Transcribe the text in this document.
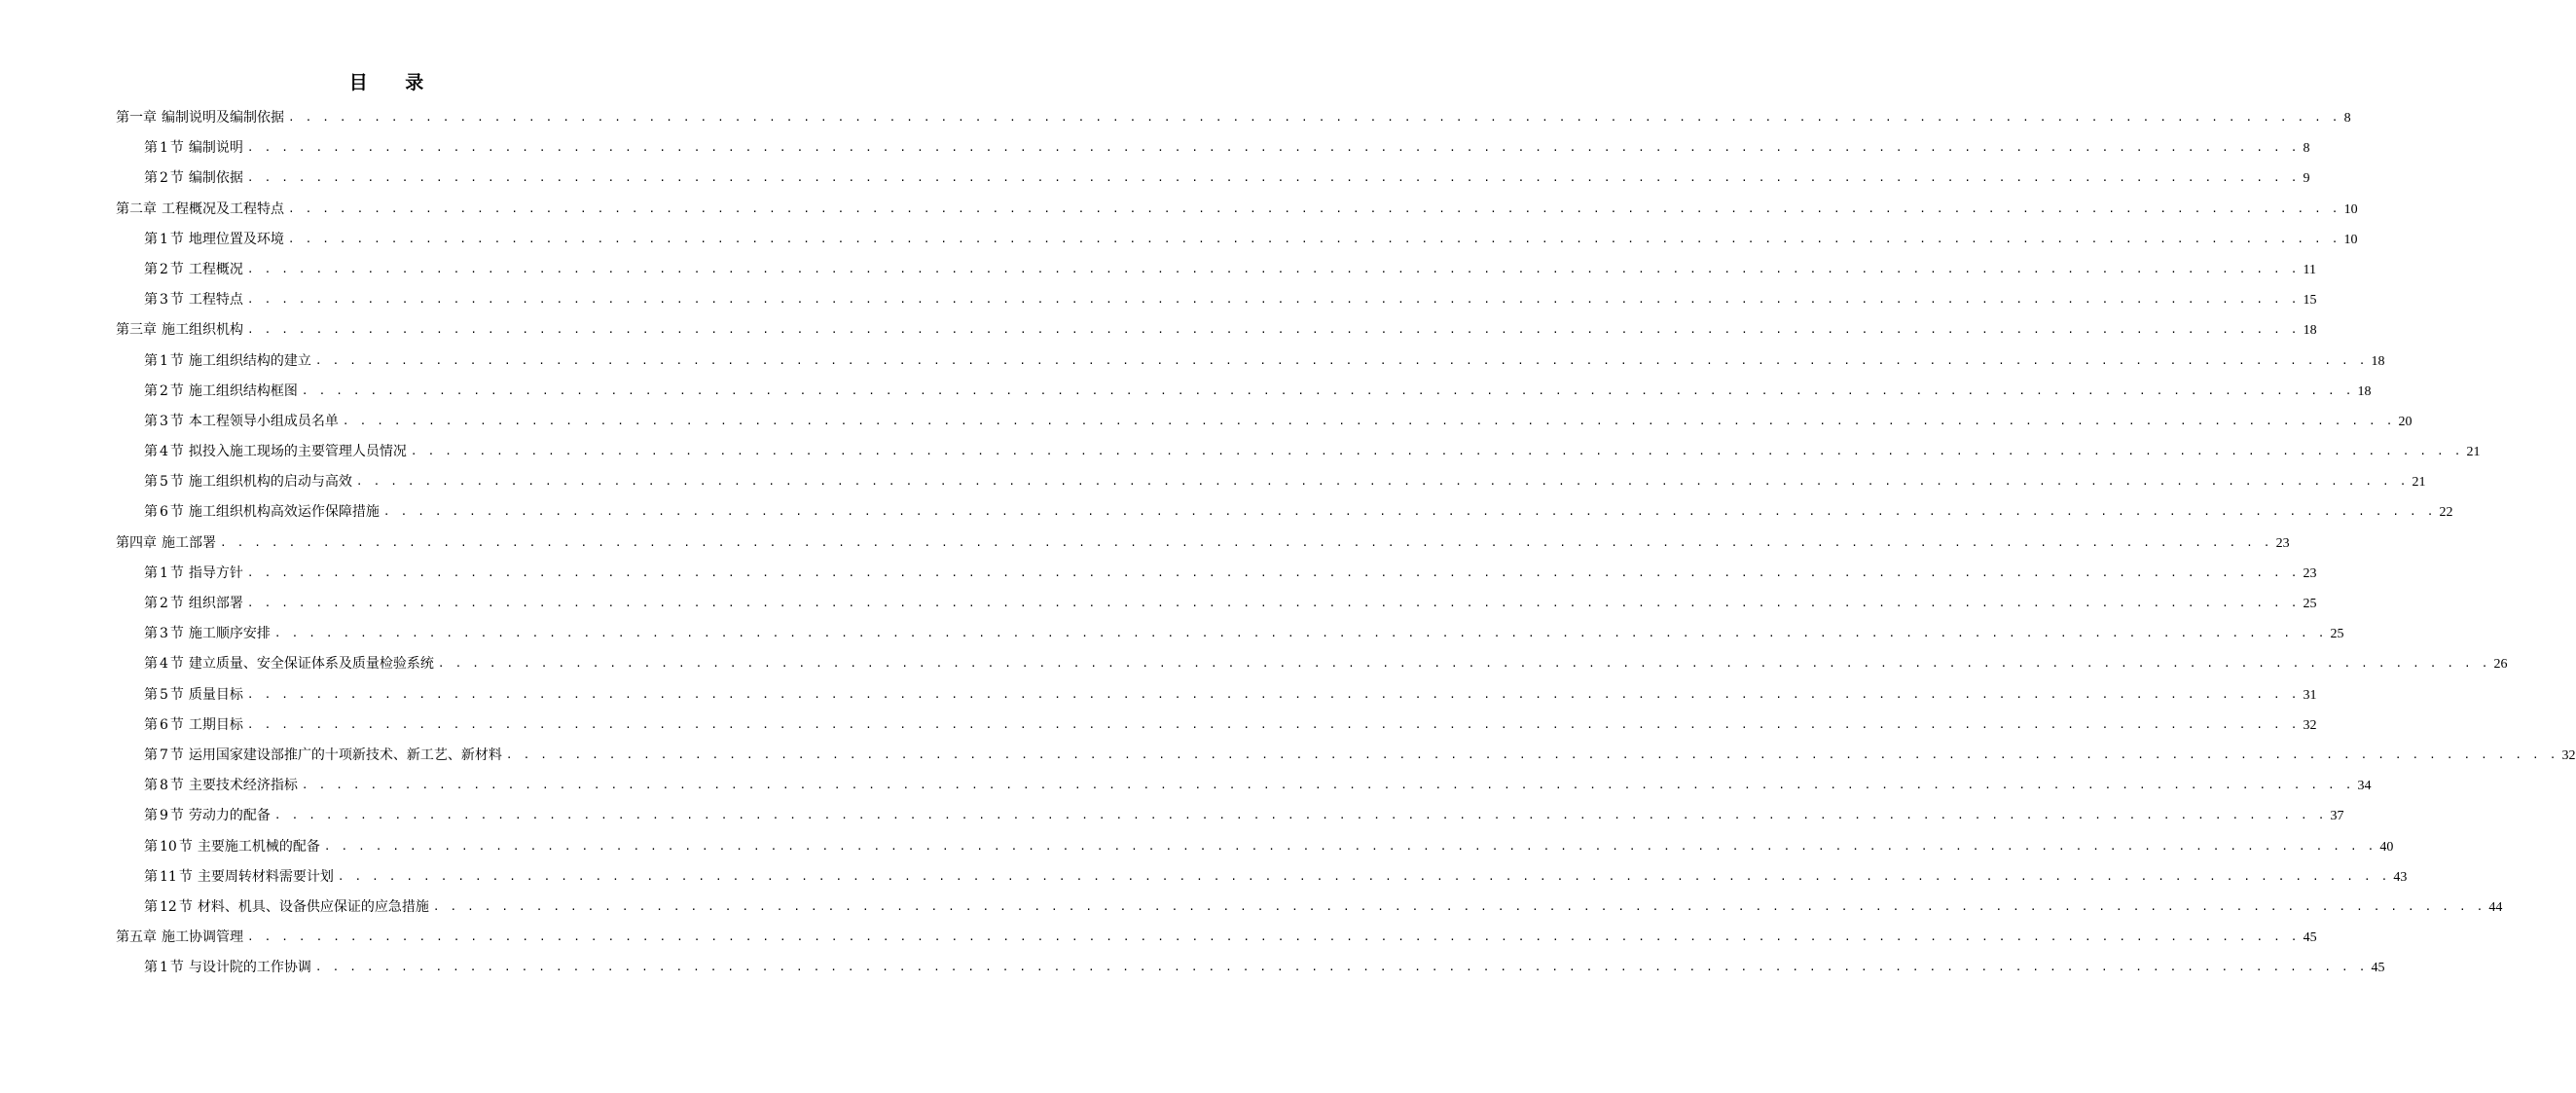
目 录
第一章 编制说明及编制依据 . . . . . . . . . . . . . . . . . . . . . . . . . . . . . . . . . . . . . . . . . . . . . . . . . . . . . . . . . . . . . . . . . . . . . . . . . . . . . . . . . . . . . . . . . . . . . . . . . . . . . . . . . . . . . . . . . . . . . . . . 8
第 1 节 编制说明 . . . . . . . . . . . . . . . . . . . . . . . . . . . . . . . . . . . . . . . . . . . . . . . . . . . . . . . . . . . . . . . . . . . . . . . . . . . . . . . . . . . . . . . . . . . . . . . . . . . . . . . . . . . . . . . . . . . . . . . . 8
第 2 节 编制依据 . . . . . . . . . . . . . . . . . . . . . . . . . . . . . . . . . . . . . . . . . . . . . . . . . . . . . . . . . . . . . . . . . . . . . . . . . . . . . . . . . . . . . . . . . . . . . . . . . . . . . . . . . . . . . . . . . . . . . . . . 9
第二章 工程概况及工程特点 . . . . . . . . . . . . . . . . . . . . . . . . . . . . . . . . . . . . . . . . . . . . . . . . . . . . . . . . . . . . . . . . . . . . . . . . . . . . . . . . . . . . . . . . . . . . . . . . . . . . . . . . . . . . . . . . . . . . . . . . 10
第 1 节 地理位置及环境 . . . . . . . . . . . . . . . . . . . . . . . . . . . . . . . . . . . . . . . . . . . . . . . . . . . . . . . . . . . . . . . . . . . . . . . . . . . . . . . . . . . . . . . . . . . . . . . . . . . . . . . . . . . . . . . . . . . . . . . . 10
第 2 节 工程概况 . . . . . . . . . . . . . . . . . . . . . . . . . . . . . . . . . . . . . . . . . . . . . . . . . . . . . . . . . . . . . . . . . . . . . . . . . . . . . . . . . . . . . . . . . . . . . . . . . . . . . . . . . . . . . . . . . . . . . . . . 11
第 3 节 工程特点 . . . . . . . . . . . . . . . . . . . . . . . . . . . . . . . . . . . . . . . . . . . . . . . . . . . . . . . . . . . . . . . . . . . . . . . . . . . . . . . . . . . . . . . . . . . . . . . . . . . . . . . . . . . . . . . . . . . . . . . . 15
第三章 施工组织机构 . . . . . . . . . . . . . . . . . . . . . . . . . . . . . . . . . . . . . . . . . . . . . . . . . . . . . . . . . . . . . . . . . . . . . . . . . . . . . . . . . . . . . . . . . . . . . . . . . . . . . . . . . . . . . . . . . . . . . . . . 18
第 1 节 施工组织结构的建立 . . . . . . . . . . . . . . . . . . . . . . . . . . . . . . . . . . . . . . . . . . . . . . . . . . . . . . . . . . . . . . . . . . . . . . . . . . . . . . . . . . . . . . . . . . . . . . . . . . . . . . . . . . . . . . . . . . . . . . . . 18
第 2 节 施工组织结构框图 . . . . . . . . . . . . . . . . . . . . . . . . . . . . . . . . . . . . . . . . . . . . . . . . . . . . . . . . . . . . . . . . . . . . . . . . . . . . . . . . . . . . . . . . . . . . . . . . . . . . . . . . . . . . . . . . . . . . . . . . 18
第 3 节 本工程领导小组成员名单 . . . . . . . . . . . . . . . . . . . . . . . . . . . . . . . . . . . . . . . . . . . . . . . . . . . . . . . . . . . . . . . . . . . . . . . . . . . . . . . . . . . . . . . . . . . . . . . . . . . . . . . . . . . . . . . . . . . . . . . . 20
第 4 节 拟投入施工现场的主要管理人员情况 . . . . . . . . . . . . . . . . . . . . . . . . . . . . . . . . . . . . . . . . . . . . . . . . . . . . . . . . . . . . . . . . . . . . . . . . . . . . . . . . . . . . . . . . . . . . . . . . . . . . . . . . . . . . . . . . . . . . . . . . 21
第 5 节 施工组织机构的启动与高效 . . . . . . . . . . . . . . . . . . . . . . . . . . . . . . . . . . . . . . . . . . . . . . . . . . . . . . . . . . . . . . . . . . . . . . . . . . . . . . . . . . . . . . . . . . . . . . . . . . . . . . . . . . . . . . . . . . . . . . . . 21
第 6 节 施工组织机构高效运作保障措施 . . . . . . . . . . . . . . . . . . . . . . . . . . . . . . . . . . . . . . . . . . . . . . . . . . . . . . . . . . . . . . . . . . . . . . . . . . . . . . . . . . . . . . . . . . . . . . . . . . . . . . . . . . . . . . . . . . . . . . . . 22
第四章 施工部署 . . . . . . . . . . . . . . . . . . . . . . . . . . . . . . . . . . . . . . . . . . . . . . . . . . . . . . . . . . . . . . . . . . . . . . . . . . . . . . . . . . . . . . . . . . . . . . . . . . . . . . . . . . . . . . . . . . . . . . . . 23
第 1 节 指导方针 . . . . . . . . . . . . . . . . . . . . . . . . . . . . . . . . . . . . . . . . . . . . . . . . . . . . . . . . . . . . . . . . . . . . . . . . . . . . . . . . . . . . . . . . . . . . . . . . . . . . . . . . . . . . . . . . . . . . . . . . 23
第 2 节 组织部署 . . . . . . . . . . . . . . . . . . . . . . . . . . . . . . . . . . . . . . . . . . . . . . . . . . . . . . . . . . . . . . . . . . . . . . . . . . . . . . . . . . . . . . . . . . . . . . . . . . . . . . . . . . . . . . . . . . . . . . . . 25
第 3 节 施工顺序安排 . . . . . . . . . . . . . . . . . . . . . . . . . . . . . . . . . . . . . . . . . . . . . . . . . . . . . . . . . . . . . . . . . . . . . . . . . . . . . . . . . . . . . . . . . . . . . . . . . . . . . . . . . . . . . . . . . . . . . . . . 25
第 4 节 建立质量、安全保证体系及质量检验系统 . . . . . . . . . . . . . . . . . . . . . . . . . . . . . . . . . . . . . . . . . . . . . . . . . . . . . . . . . . . . . . . . . . . . . . . . . . . . . . . . . . . . . . . . . . . . . . . . . . . . . . . . . . . . . . . . . . . . . . . . 26
第 5 节 质量目标 . . . . . . . . . . . . . . . . . . . . . . . . . . . . . . . . . . . . . . . . . . . . . . . . . . . . . . . . . . . . . . . . . . . . . . . . . . . . . . . . . . . . . . . . . . . . . . . . . . . . . . . . . . . . . . . . . . . . . . . . 31
第 6 节 工期目标 . . . . . . . . . . . . . . . . . . . . . . . . . . . . . . . . . . . . . . . . . . . . . . . . . . . . . . . . . . . . . . . . . . . . . . . . . . . . . . . . . . . . . . . . . . . . . . . . . . . . . . . . . . . . . . . . . . . . . . . . 32
第 7 节 运用国家建设部推广的十项新技术、新工艺、新材料 . . . . . . . . . . . . . . . . . . . . . . . . . . . . . . . . . . . . . . . . . . . . . . . . . . . . . . . . . . . . . . . . . . . . . . . . . . . . . . . . . . . . . . . . . . . . . . . . . . . . . . . . . . . . . . . . . . . . . . . . 32
第 8 节 主要技术经济指标 . . . . . . . . . . . . . . . . . . . . . . . . . . . . . . . . . . . . . . . . . . . . . . . . . . . . . . . . . . . . . . . . . . . . . . . . . . . . . . . . . . . . . . . . . . . . . . . . . . . . . . . . . . . . . . . . . . . . . . . . 34
第 9 节 劳动力的配备 . . . . . . . . . . . . . . . . . . . . . . . . . . . . . . . . . . . . . . . . . . . . . . . . . . . . . . . . . . . . . . . . . . . . . . . . . . . . . . . . . . . . . . . . . . . . . . . . . . . . . . . . . . . . . . . . . . . . . . . . 37
第 10 节 主要施工机械的配备 . . . . . . . . . . . . . . . . . . . . . . . . . . . . . . . . . . . . . . . . . . . . . . . . . . . . . . . . . . . . . . . . . . . . . . . . . . . . . . . . . . . . . . . . . . . . . . . . . . . . . . . . . . . . . . . . . . . . . . . . 40
第 11 节 主要周转材料需要计划 . . . . . . . . . . . . . . . . . . . . . . . . . . . . . . . . . . . . . . . . . . . . . . . . . . . . . . . . . . . . . . . . . . . . . . . . . . . . . . . . . . . . . . . . . . . . . . . . . . . . . . . . . . . . . . . . . . . . . . . . 43
第 12 节 材料、机具、设备供应保证的应急措施 . . . . . . . . . . . . . . . . . . . . . . . . . . . . . . . . . . . . . . . . . . . . . . . . . . . . . . . . . . . . . . . . . . . . . . . . . . . . . . . . . . . . . . . . . . . . . . . . . . . . . . . . . . . . . . . . . . . . . . . . 44
第五章 施工协调管理 . . . . . . . . . . . . . . . . . . . . . . . . . . . . . . . . . . . . . . . . . . . . . . . . . . . . . . . . . . . . . . . . . . . . . . . . . . . . . . . . . . . . . . . . . . . . . . . . . . . . . . . . . . . . . . . . . . . . . . . . 45
第 1 节 与设计院的工作协调 . . . . . . . . . . . . . . . . . . . . . . . . . . . . . . . . . . . . . . . . . . . . . . . . . . . . . . . . . . . . . . . . . . . . . . . . . . . . . . . . . . . . . . . . . . . . . . . . . . . . . . . . . . . . . . . . . . . . . . . . 45
